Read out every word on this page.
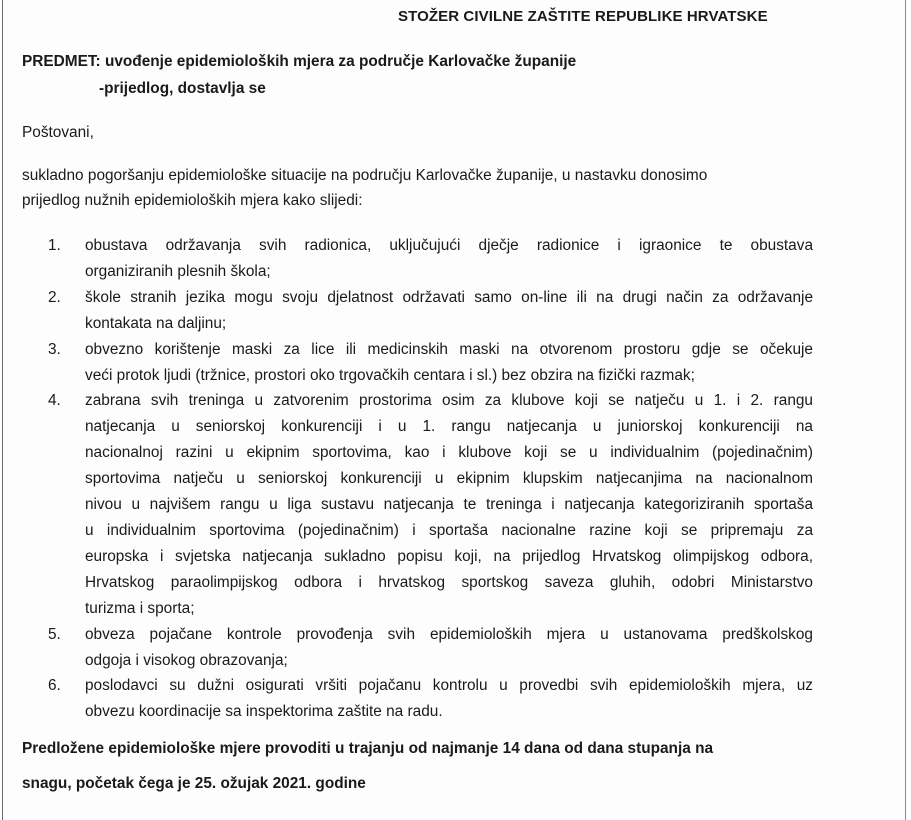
STOŽER CIVILNE ZAŠTITE REPUBLIKE HRVATSKE
PREDMET: uvođenje epidemioloških mjera za područje Karlovačke županije
-prijedlog, dostavlja se
Poštovani,
sukladno pogoršanju epidemiološke situacije na području Karlovačke županije, u nastavku donosimo
prijedlog nužnih epidemioloških mjera kako slijedi:
1. obustava održavanja svih radionica, uključujući dječje radionice i igraonice te obustava
organiziranih plesnih škola;
2. škole stranih jezika mogu svoju djelatnost održavati samo on-line ili na drugi način za održavanje
kontakata na daljinu;
3. obvezno korištenje maski za lice ili medicinskih maski na otvorenom prostoru gdje se očekuje
veći protok ljudi (tržnice, prostori oko trgovačkih centara i sl.) bez obzira na fizički razmak;
4. zabrana svih treninga u zatvorenim prostorima osim za klubove koji se natječu u 1. i 2. rangu
natjecanja u seniorskoj konkurenciji i u 1. rangu natjecanja u juniorskoj konkurenciji na
nacionalnoj razini u ekipnim sportovima, kao i klubove koji se u individualnim (pojedinačnim)
sportovima natječu u seniorskoj konkurenciji u ekipnim klupskim natjecanjima na nacionalnom
nivou u najvišem rangu u liga sustavu natjecanja te treninga i natjecanja kategoriziranih sportaša
u individualnim sportovima (pojedinačnim) i sportaša nacionalne razine koji se pripremaju za
europska i svjetska natjecanja sukladno popisu koji, na prijedlog Hrvatskog olimpijskog odbora,
Hrvatskog paraolimpijskog odbora i hrvatskog sportskog saveza gluhih, odobri Ministarstvo
turizma i sporta;
5. obveza pojačane kontrole provođenja svih epidemioloških mjera u ustanovama predškolskog
odgoja i visokog obrazovanja;
6. poslodavci su dužni osigurati vršiti pojačanu kontrolu u provedbi svih epidemioloških mjera, uz
obvezu koordinacije sa inspektorima zaštite na radu.
Predložene epidemiološke mjere provoditi u trajanju od najmanje 14 dana od dana stupanja na
snagu, početak čega je 25. ožujak 2021. godine
